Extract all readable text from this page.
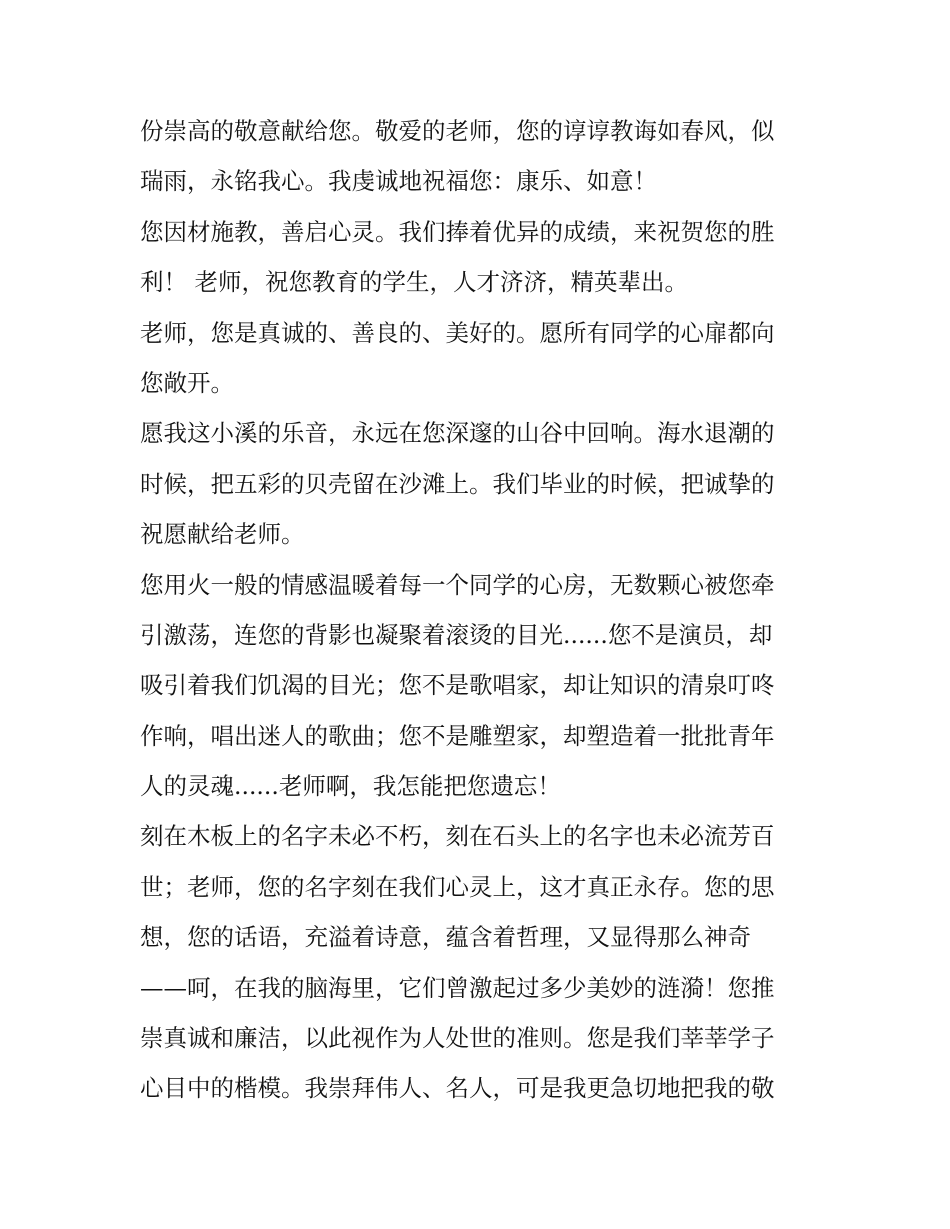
份崇高的敬意献给您。敬爱的老师，您的谆谆教诲如春风，似
瑞雨，永铭我心。我虔诚地祝福您：康乐、如意！
您因材施教，善启心灵。我们捧着优异的成绩，来祝贺您的胜
利！ 老师，祝您教育的学生，人才济济，精英辈出。
老师，您是真诚的、善良的、美好的。愿所有同学的心扉都向
您敞开。
愿我这小溪的乐音，永远在您深邃的山谷中回响。海水退潮的
时候，把五彩的贝壳留在沙滩上。我们毕业的时候，把诚挚的
祝愿献给老师。
您用火一般的情感温暖着每一个同学的心房，无数颗心被您牵
引激荡，连您的背影也凝聚着滚烫的目光......您不是演员，却
吸引着我们饥渴的目光；您不是歌唱家，却让知识的清泉叮咚
作响，唱出迷人的歌曲；您不是雕塑家，却塑造着一批批青年
人的灵魂......老师啊，我怎能把您遗忘！
刻在木板上的名字未必不朽，刻在石头上的名字也未必流芳百
世；老师，您的名字刻在我们心灵上，这才真正永存。您的思
想，您的话语，充溢着诗意，蕴含着哲理，又显得那么神奇
——呵，在我的脑海里，它们曾激起过多少美妙的涟漪！您推
崇真诚和廉洁，以此视作为人处世的准则。您是我们莘莘学子
心目中的楷模。我崇拜伟人、名人，可是我更急切地把我的敬
